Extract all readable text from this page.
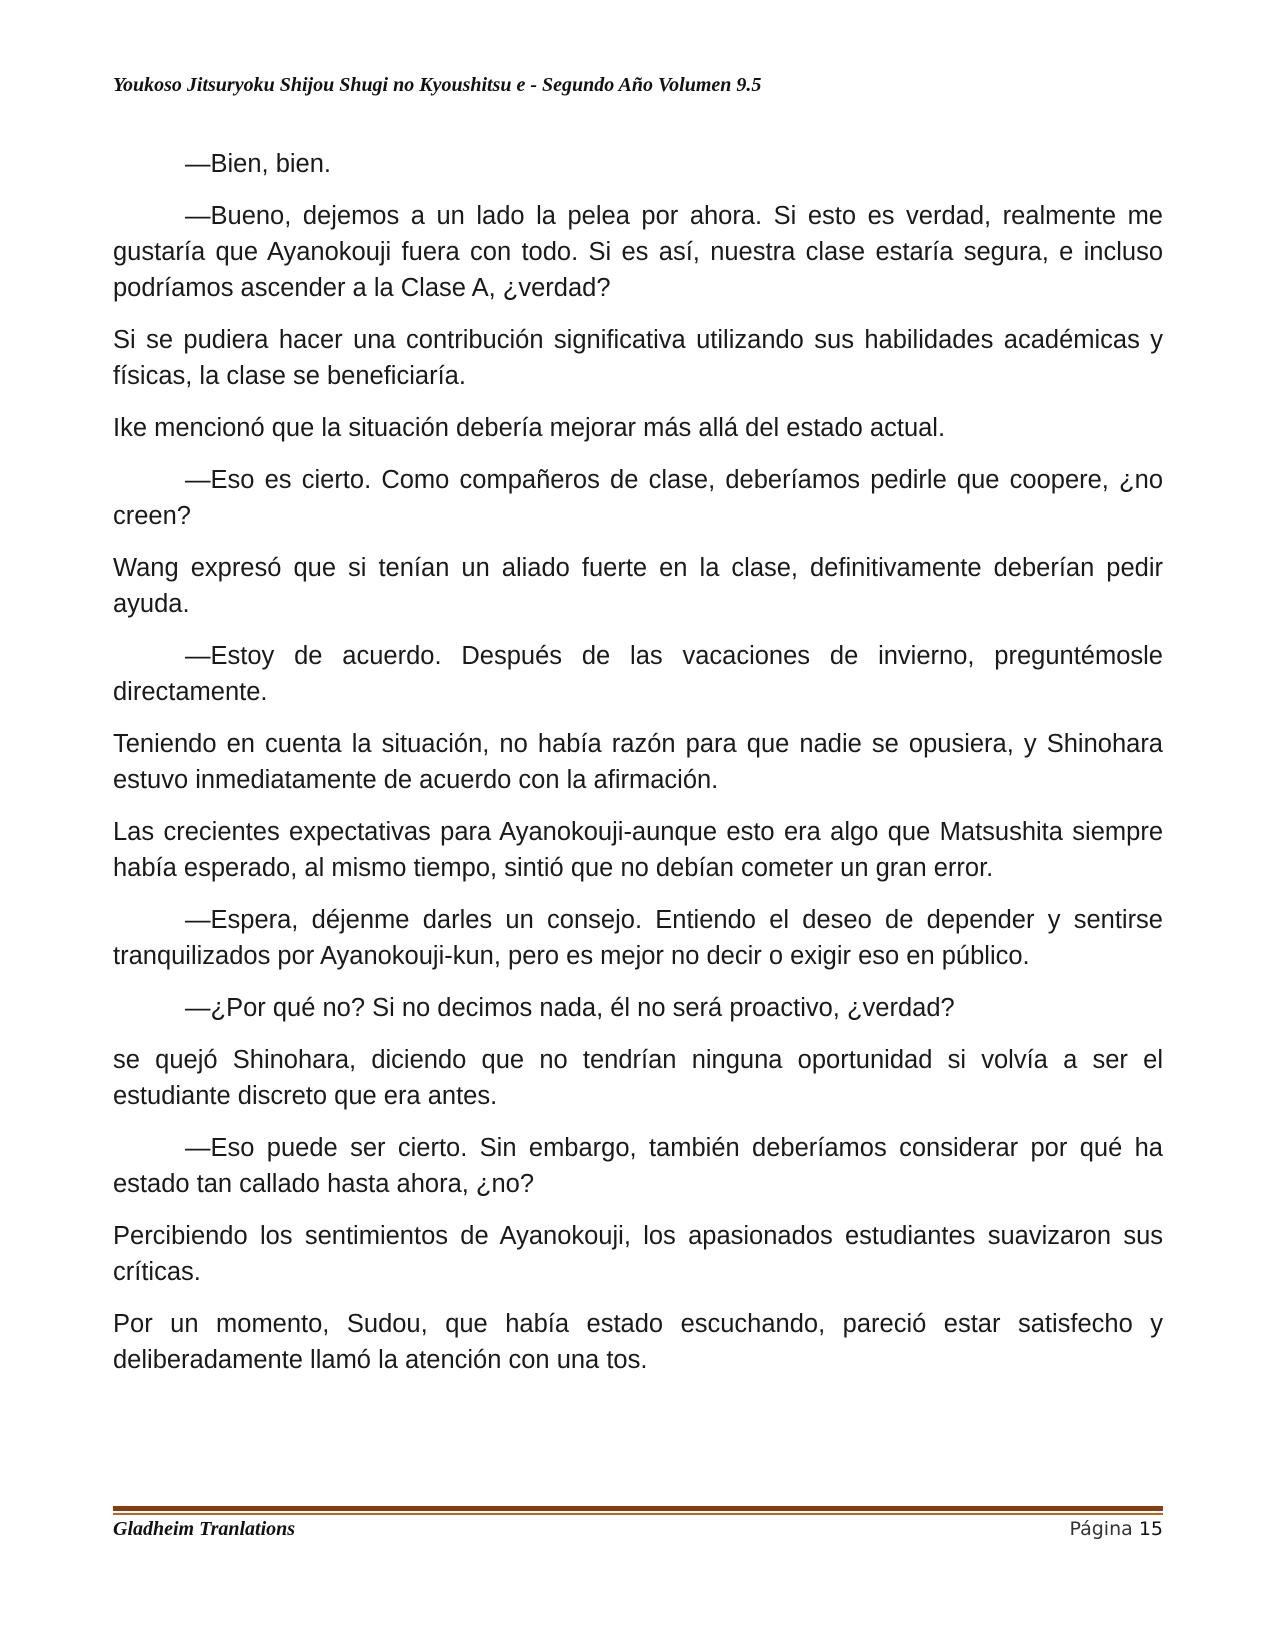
Youkoso Jitsuryoku Shijou Shugi no Kyoushitsu e - Segundo Año Volumen 9.5

—Bien, bien.

—Bueno, dejemos a un lado la pelea por ahora. Si esto es verdad, realmente me gustaría que Ayanokouji fuera con todo. Si es así, nuestra clase estaría segura, e incluso podríamos ascender a la Clase A, ¿verdad?

Si se pudiera hacer una contribución significativa utilizando sus habilidades académicas y físicas, la clase se beneficiaría.

Ike mencionó que la situación debería mejorar más allá del estado actual.

—Eso es cierto. Como compañeros de clase, deberíamos pedirle que coopere, ¿no creen?

Wang expresó que si tenían un aliado fuerte en la clase, definitivamente deberían pedir ayuda.

—Estoy de acuerdo. Después de las vacaciones de invierno, preguntémosle directamente.

Teniendo en cuenta la situación, no había razón para que nadie se opusiera, y Shinohara estuvo inmediatamente de acuerdo con la afirmación.

Las crecientes expectativas para Ayanokouji-aunque esto era algo que Matsushita siempre había esperado, al mismo tiempo, sintió que no debían cometer un gran error.

—Espera, déjenme darles un consejo. Entiendo el deseo de depender y sentirse tranquilizados por Ayanokouji-kun, pero es mejor no decir o exigir eso en público.

—¿Por qué no? Si no decimos nada, él no será proactivo, ¿verdad?

se quejó Shinohara, diciendo que no tendrían ninguna oportunidad si volvía a ser el estudiante discreto que era antes.

—Eso puede ser cierto. Sin embargo, también deberíamos considerar por qué ha estado tan callado hasta ahora, ¿no?

Percibiendo los sentimientos de Ayanokouji, los apasionados estudiantes suavizaron sus críticas.

Por un momento, Sudou, que había estado escuchando, pareció estar satisfecho y deliberadamente llamó la atención con una tos.

Gladheim Tranlations	Página 15
